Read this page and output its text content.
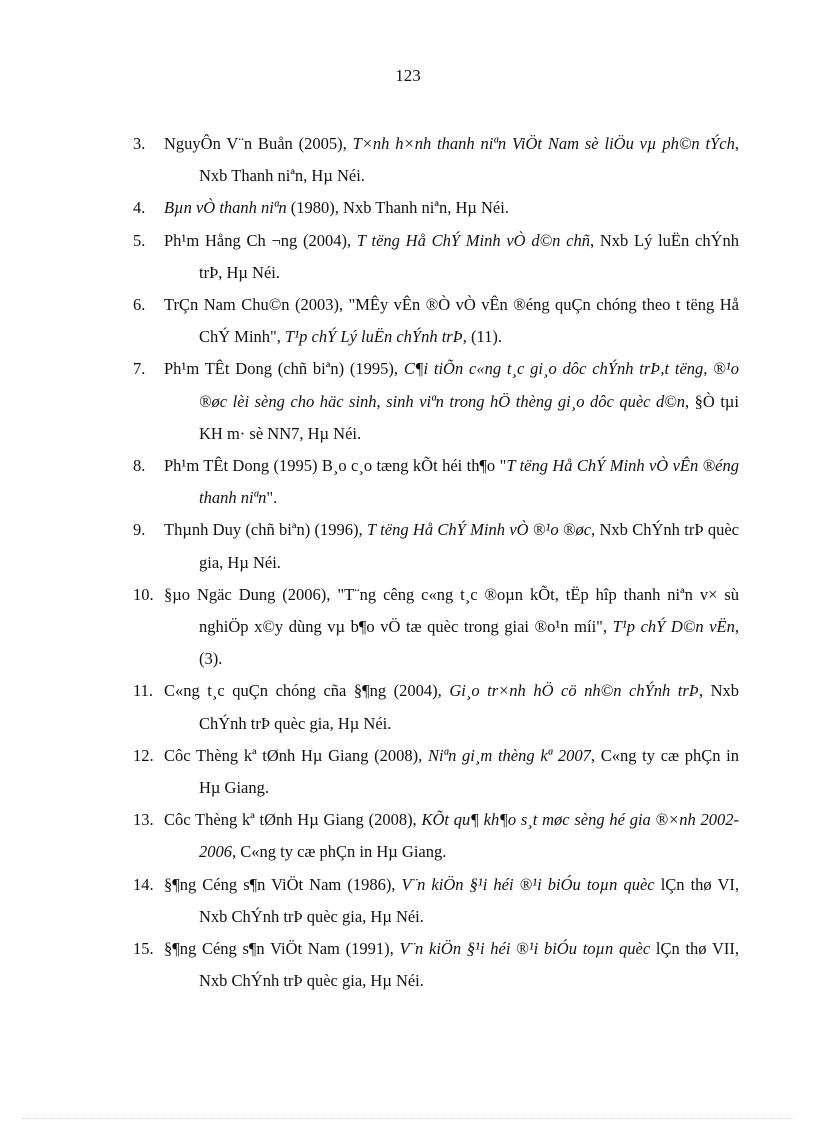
123
3. NguyÔn V¨n Buån (2005), T×nh h×nh thanh niªn ViÖt Nam sè liÖu vµ ph©n tÝch, Nxb Thanh niªn, Hµ Néi.
4. Bµn vÒ thanh niªn (1980), Nxb Thanh niªn, Hµ Néi.
5. Ph¹m Hång Ch ¬ng (2004), T tëng Hå ChÝ Minh vÒ d©n chñ, Nxb Lý luËn chÝnh trÞ, Hµ Néi.
6. TrÇn Nam Chu©n (2003), "MÊy vÊn ®Ò vÒ vÊn ®éng quÇn chóng theo t tëng Hå ChÝ Minh", T¹p chÝ Lý luËn chÝnh trÞ, (11).
7. Ph¹m TÊt Dong (chñ biªn) (1995), C¶i tiÕn c«ng t¸c gi¸o dôc chÝnh trÞ,t tëng, ®¹o ®øc lèi sèng cho häc sinh, sinh viªn trong hÖ thèng gi¸o dôc quèc d©n, §Ò tµi KH m· sè NN7, Hµ Néi.
8. Ph¹m TÊt Dong (1995) B¸o c¸o tæng kÕt héi th¶o "T tëng Hå ChÝ Minh vÒ vÊn ®éng thanh niªn".
9. Thµnh Duy (chñ biªn) (1996), T tëng Hå ChÝ Minh vÒ ®¹o ®øc, Nxb ChÝnh trÞ quèc gia, Hµ Néi.
10. §µo Ngäc Dung (2006), "T¨ng cêng c«ng t¸c ®oµn kÕt, tËp hîp thanh niªn v× sù nghiÖp x©y dùng vµ b¶o vÖ tæ quèc trong giai ®o¹n míi", T¹p chÝ D©n vËn, (3).
11. C«ng t¸c quÇn chóng cña §¶ng (2004), Gi¸o tr×nh hÖ cö nh©n chÝnh trÞ, Nxb ChÝnh trÞ quèc gia, Hµ Néi.
12. Côc Thèng kª tØnh Hµ Giang (2008), Niªn gi¸m thèng kª 2007, C«ng ty cæ phÇn in Hµ Giang.
13. Côc Thèng kª tØnh Hµ Giang (2008), KÕt qu¶ kh¶o s¸t møc sèng hé gia ®×nh 2002- 2006, C«ng ty cæ phÇn in Hµ Giang.
14. §¶ng Céng s¶n ViÖt Nam (1986), V¨n kiÖn §¹i héi ®¹i biÓu toµn quèc lÇn thø VI, Nxb ChÝnh trÞ quèc gia, Hµ Néi.
15. §¶ng Céng s¶n ViÖt Nam (1991), V¨n kiÖn §¹i héi ®¹i biÓu toµn quèc lÇn thø VII, Nxb ChÝnh trÞ quèc gia, Hµ Néi.
